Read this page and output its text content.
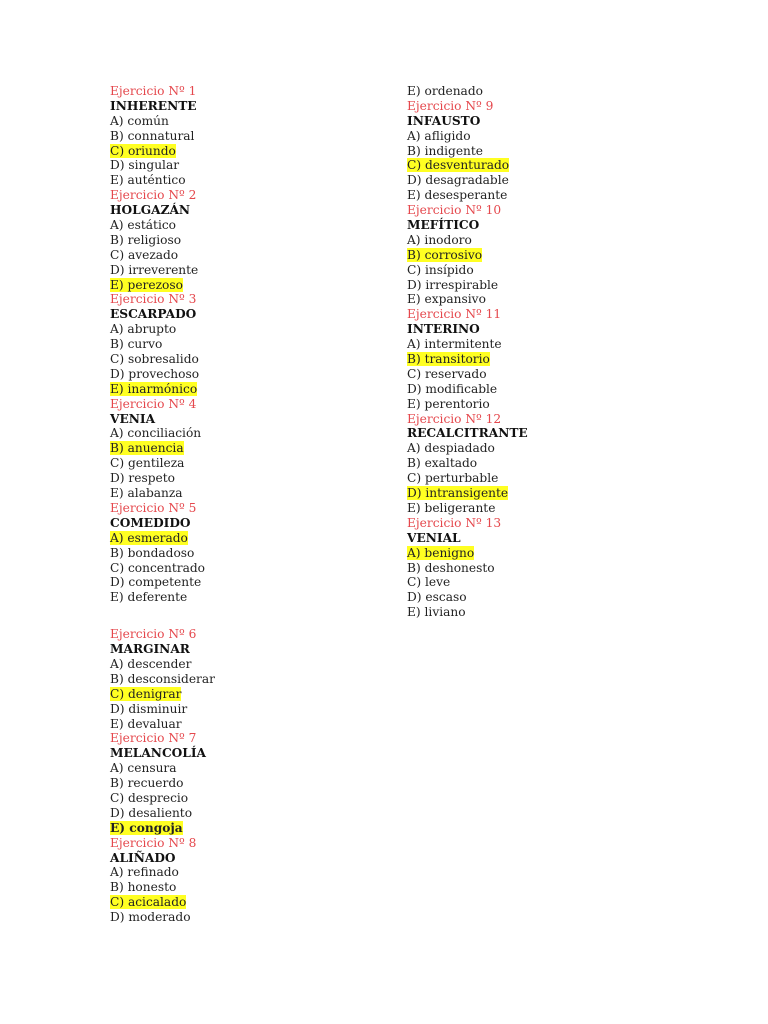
Ejercicio Nº 1
INHERENTE
A) común
B) connatural
C) oriundo
D) singular
E) auténtico
Ejercicio Nº 2
HOLGAZÁN
A) estático
B) religioso
C) avezado
D) irreverente
E) perezoso
Ejercicio Nº 3
ESCARPADO
A) abrupto
B) curvo
C) sobresalido
D) provechoso
E) inarmónico
Ejercicio Nº 4
VENIA
A) conciliación
B) anuencia
C) gentileza
D) respeto
E) alabanza
Ejercicio Nº 5
COMEDIDO
A) esmerado
B) bondadoso
C) concentrado
D) competente
E) deferente
Ejercicio Nº 6
MARGINAR
A) descender
B) desconsiderar
C) denigrar
D) disminuir
E) devaluar
Ejercicio Nº 7
MELANCOLÍA
A) censura
B) recuerdo
C) desprecio
D) desaliento
E) congoja
Ejercicio Nº 8
ALIÑADO
A) refinado
B) honesto
C) acicalado
D) moderado
E) ordenado
Ejercicio Nº 9
INFAUSTO
A) afligido
B) indigente
C) desventurado
D) desagradable
E) desesperante
Ejercicio Nº 10
MEFÍTICO
A) inodoro
B) corrosivo
C) insípido
D) irrespirable
E) expansivo
Ejercicio Nº 11
INTERINO
A) intermitente
B) transitorio
C) reservado
D) modificable
E) perentorio
Ejercicio Nº 12
RECALCITRANTE
A) despiadado
B) exaltado
C) perturbable
D) intransigente
E) beligerante
Ejercicio Nº 13
VENIAL
A) benigno
B) deshonesto
C) leve
D) escaso
E) liviano
